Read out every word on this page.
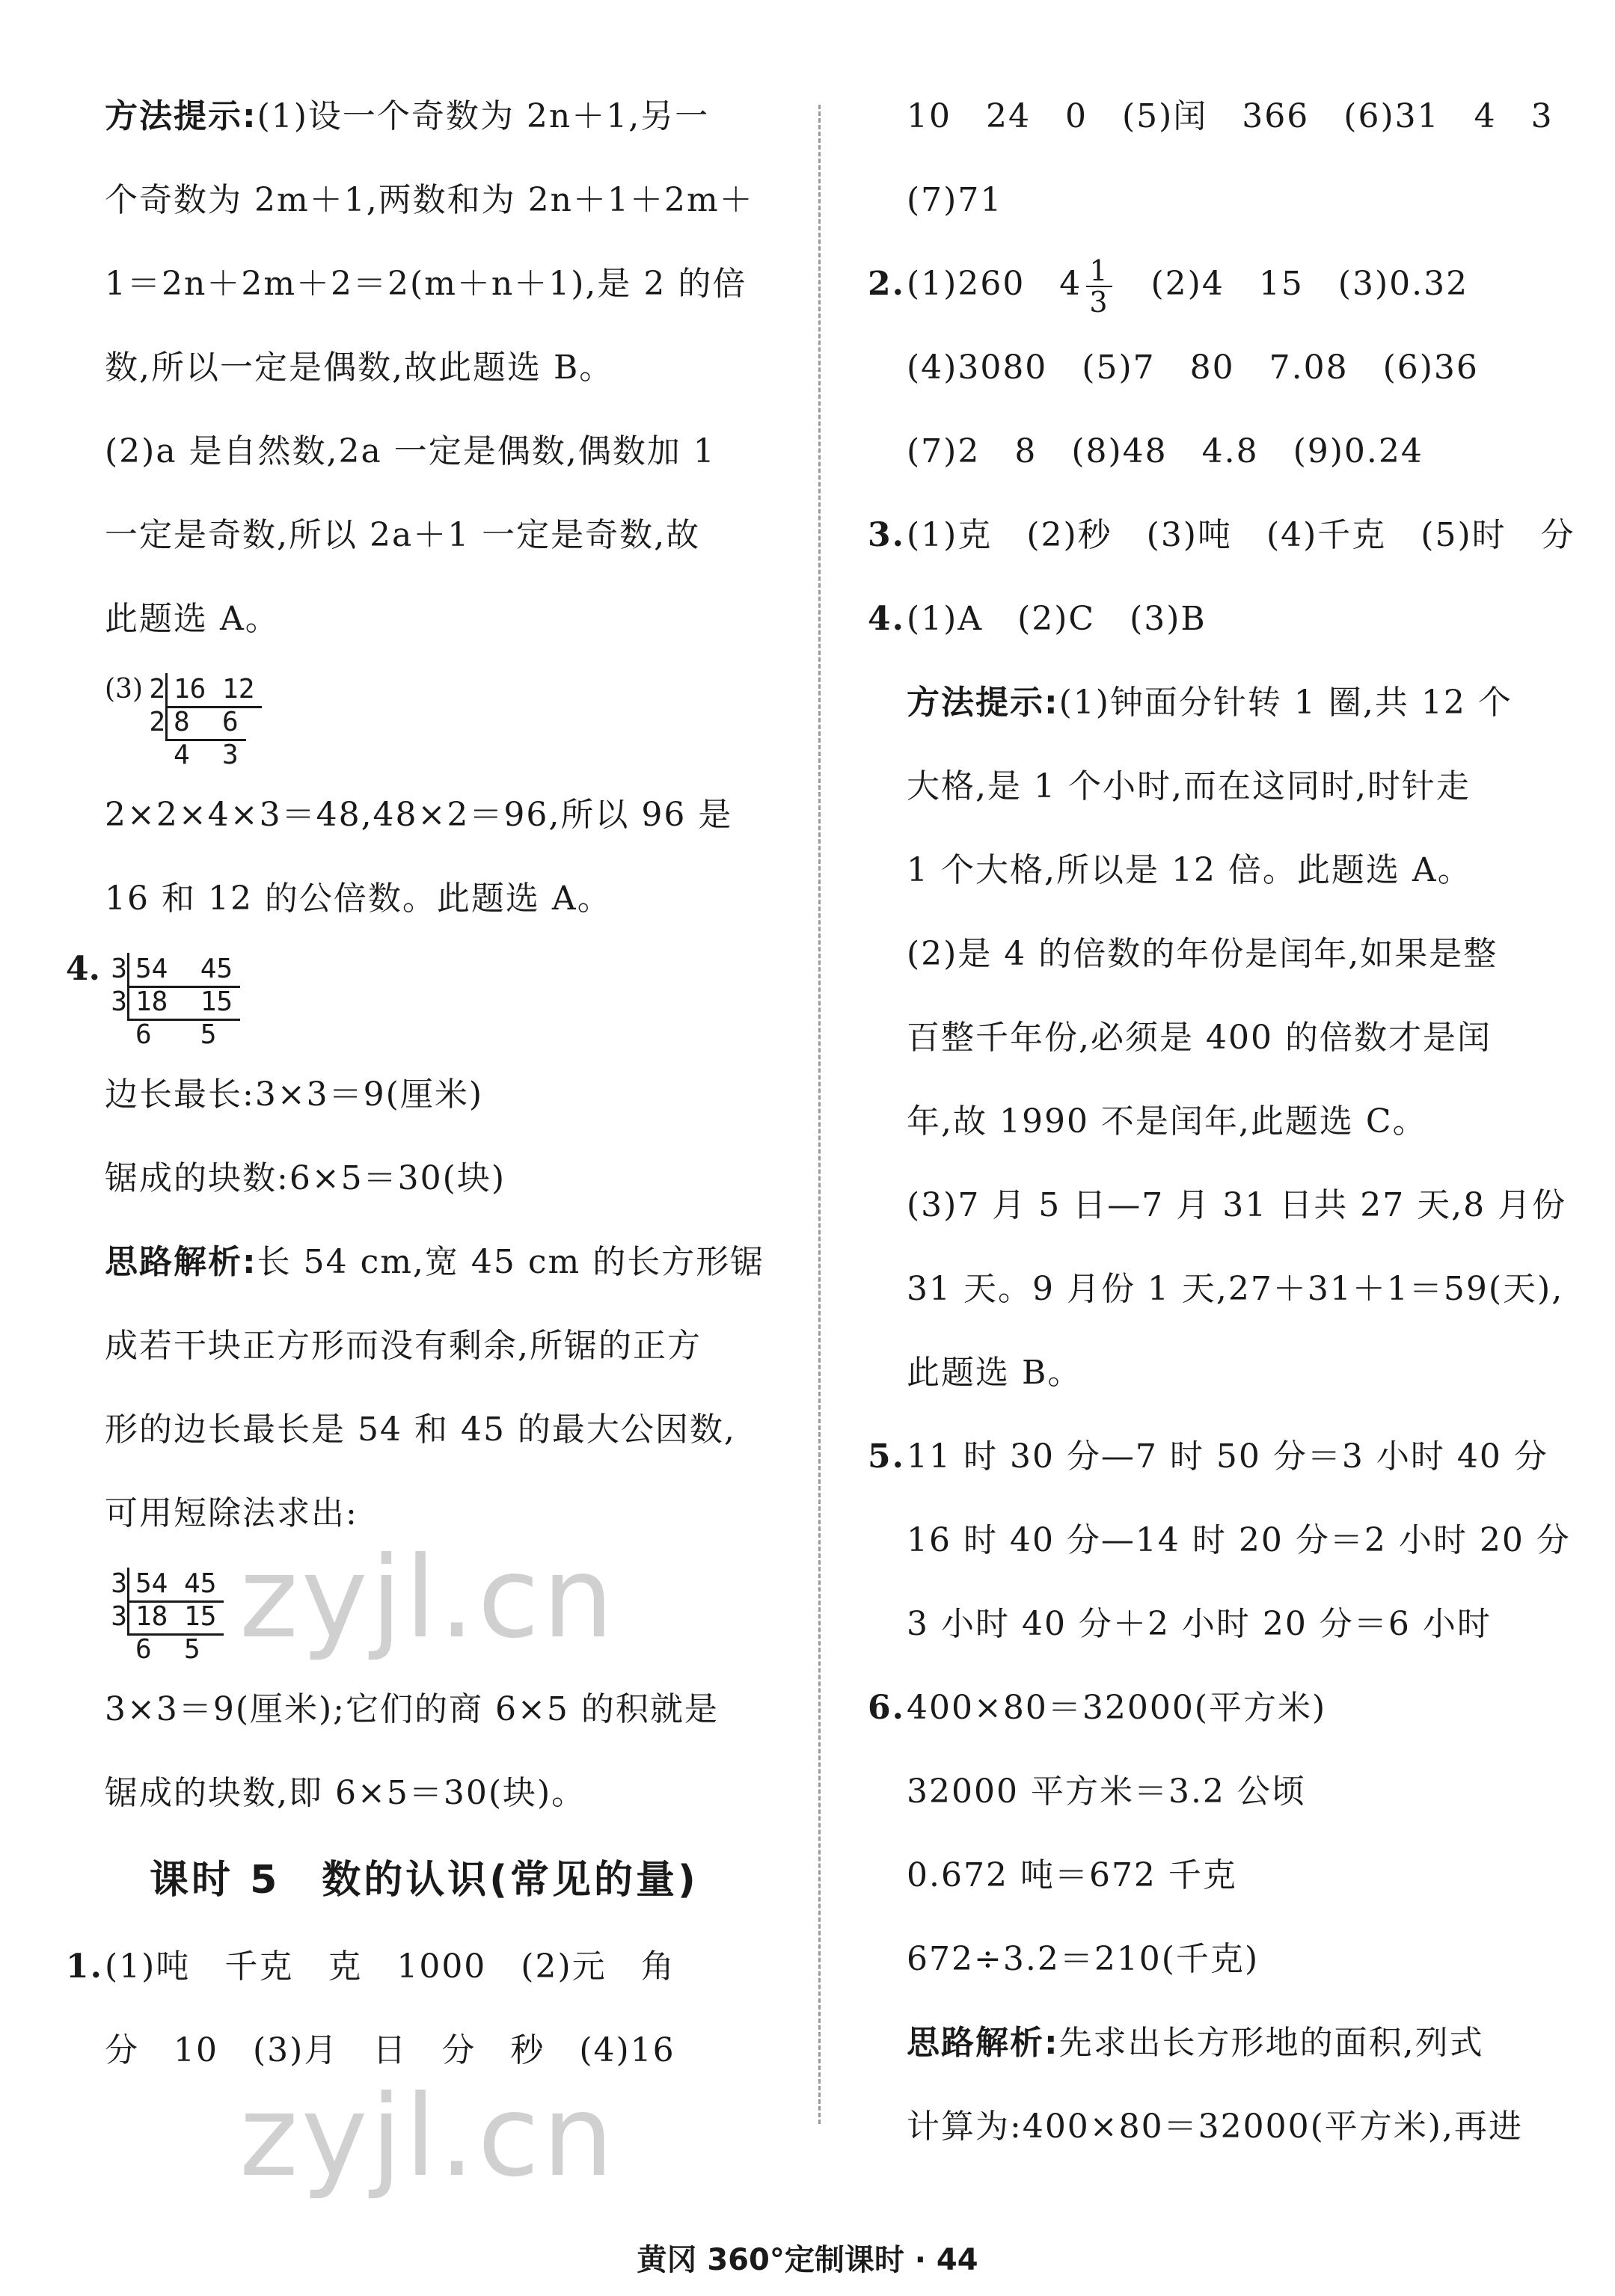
方法提示:(1)设一个奇数为 2n＋1,另一
个奇数为 2m＋1,两数和为 2n＋1＋2m＋
1＝2n＋2m＋2＝2(m＋n＋1),是 2 的倍
数,所以一定是偶数,故此题选 B。
(2)a 是自然数,2a 一定是偶数,偶数加 1
一定是奇数,所以 2a＋1 一定是奇数,故
此题选 A。
(3) 2 16 12
2 8  6
4  3
2×2×4×3＝48,48×2＝96,所以 96 是
16 和 12 的公倍数。此题选 A。
4. 3 54  45
3 18  15
6   5
边长最长:3×3＝9(厘米)
锯成的块数:6×5＝30(块)
思路解析:长 54 cm,宽 45 cm 的长方形锯
成若干块正方形而没有剩余,所锯的正方
形的边长最长是 54 和 45 的最大公因数,
可用短除法求出:
3 54 45
3 18 15
6  5
3×3＝9(厘米);它们的商 6×5 的积就是
锯成的块数,即 6×5＝30(块)。
课时 5　数的认识(常见的量)
1.(1)吨　千克　克　1000　(2)元　角
分　10　(3)月　日　分　秒　(4)16
10　24　0　(5)闰　366　(6)31　4　3
(7)71
2.(1)260　$4 \frac{1}{3}$ 　(2)4　15　(3)0.32
(4)3080　(5)7　80　7.08　(6)36
(7)2　8　(8)48　4.8　(9)0.24
3.(1)克　(2)秒　(3)吨　(4)千克　(5)时　分
4.(1)A　(2)C　(3)B
方法提示:(1)钟面分针转 1 圈,共 12 个
大格,是 1 个小时,而在这同时,时针走
1 个大格,所以是 12 倍。此题选 A。
(2)是 4 的倍数的年份是闰年,如果是整
百整千年份,必须是 400 的倍数才是闰
年,故 1990 不是闰年,此题选 C。
(3)7 月 5 日—7 月 31 日共 27 天,8 月份
31 天。9 月份 1 天,27＋31＋1＝59(天),
此题选 B。
5.11 时 30 分—7 时 50 分＝3 小时 40 分
16 时 40 分—14 时 20 分＝2 小时 20 分
3 小时 40 分＋2 小时 20 分＝6 小时
6.400×80＝32000(平方米)
32000 平方米＝3.2 公顷
0.672 吨＝672 千克
672÷3.2＝210(千克)
思路解析:先求出长方形地的面积,列式
计算为:400×80＝32000(平方米),再进
zyjl.cn
zyjl.cn
黄冈 360°定制课时 · 44
